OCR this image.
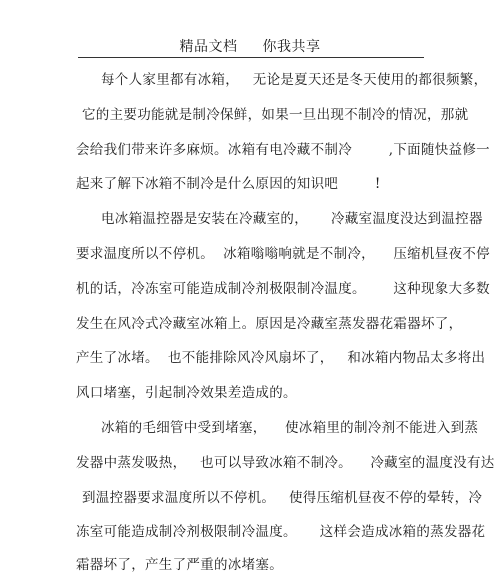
精品文档 你我共享
每个人家里都有冰箱，   无论是夏天还是冬天使用的都很频繁，
它的主要功能就是制冷保鲜，如果一旦出现不制冷的情况，那就
会给我们带来许多麻烦。冰箱有电冷藏不制冷        ,下面随快益修一
起来了解下冰箱不制冷是什么原因的知识吧        !
电冰箱温控器是安装在冷藏室的，     冷藏室温度没达到温控器
要求温度所以不停机。  冰箱嗡嗡响就是不制冷，    压缩机昼夜不停
机的话，冷冻室可能造成制冷剂极限制冷温度。      这种现象大多数
发生在风冷式冷藏室冰箱上。原因是冷藏室蒸发器花霜器坏了，
产生了冰堵。  也不能排除风冷风扇坏了，   和冰箱内物品太多将出
风口堵塞，引起制冷效果差造成的。
冰箱的毛细管中受到堵塞，    使冰箱里的制冷剂不能进入到蒸
发器中蒸发吸热，   也可以导致冰箱不制冷。    冷藏室的温度没有达
到温控器要求温度所以不停机。   使得压缩机昼夜不停的晕转，冷
冻室可能造成制冷剂极限制冷温度。     这样会造成冰箱的蒸发器花
霜器坏了，产生了严重的冰堵塞。
